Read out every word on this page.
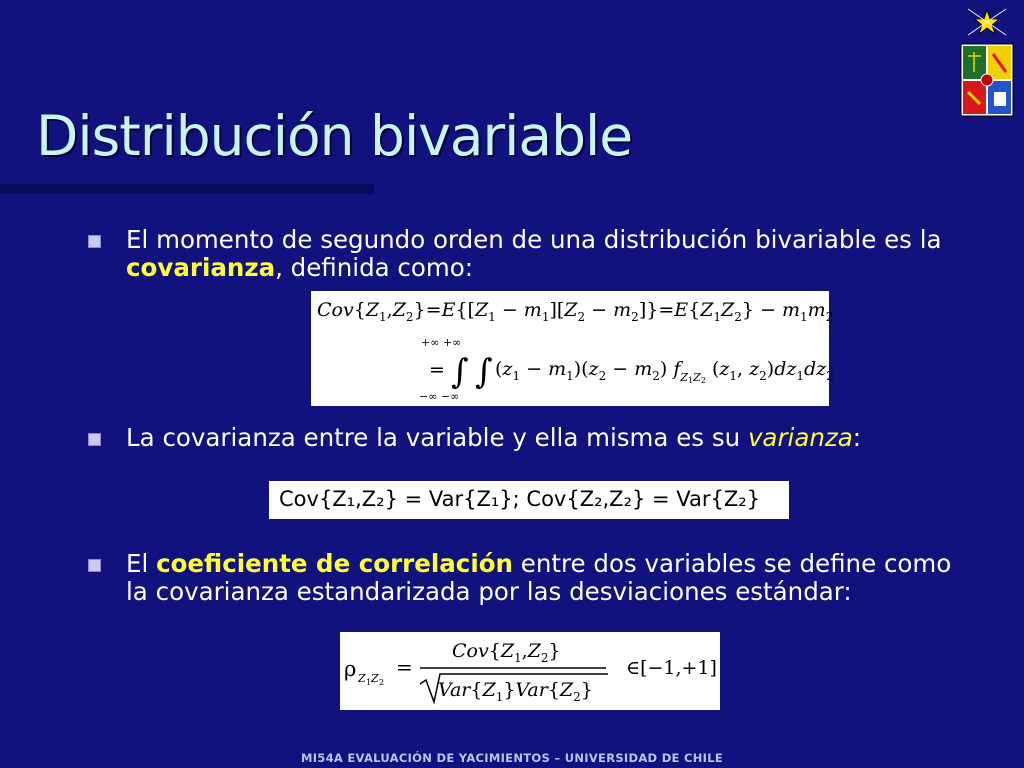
Distribución bivariable
El momento de segundo orden de una distribución bivariable es la covarianza, definida como:
$Cov\{Z_1,Z_2\}=E\{[Z_1 - m_1][Z_2 - m_2]\}=E\{Z_1Z_2\} - m_1m_2$
+∞ +∞
= ∫ ∫ $(z_1 - m_1)(z_2 - m_2)$ $f_Z1Z2$ ($z_1$, $z_2)dz_1dz_2$
−∞ −∞
La covarianza entre la variable y ella misma es su varianza:
Cov{Z₁,Z₂} = Var{Z₁}; Cov{Z₂,Z₂} = Var{Z₂}
El coeficiente de correlación entre dos variables se define como la covarianza estandarizada por las desviaciones estándar:
ρ Z 1 Z 2
=
$Cov\{Z_1,Z_2\}$
$Var\{Z_1\}Var\{Z_2\}$
∈[−1,+1]
MI54A EVALUACIÓN DE YACIMIENTOS – UNIVERSIDAD DE CHILE
